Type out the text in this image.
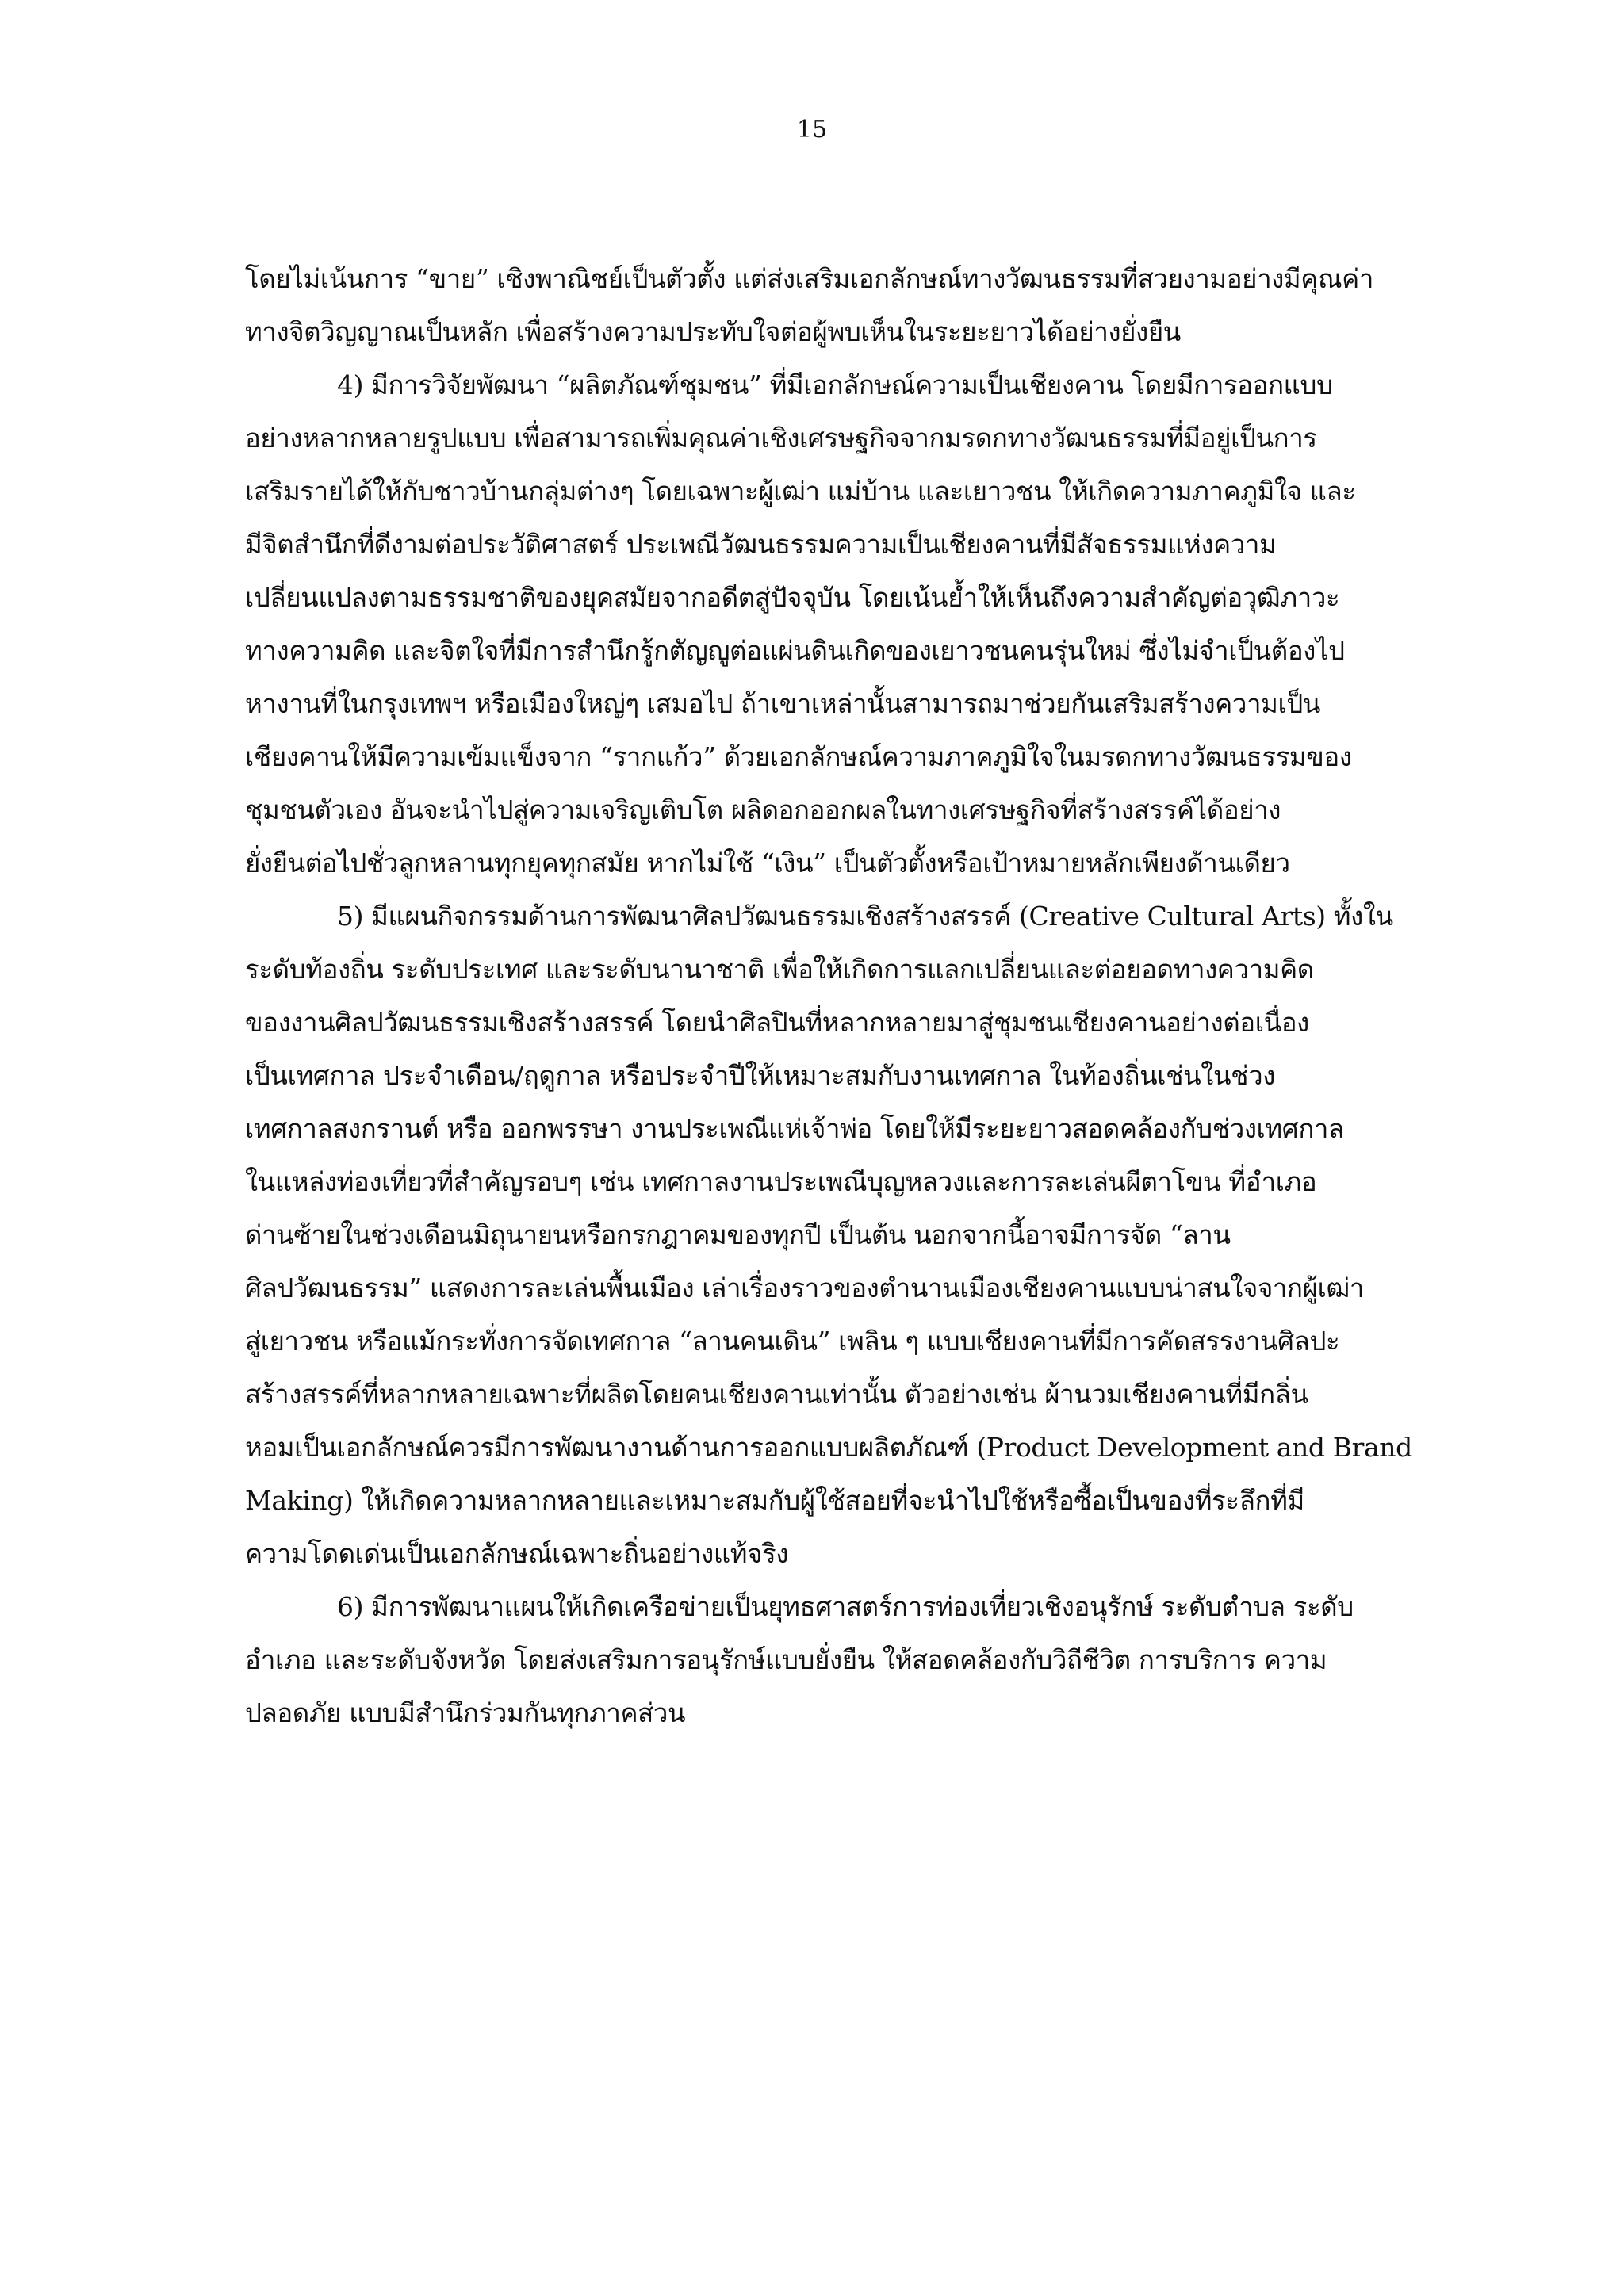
15
โดยไม่เน้นการ “ขาย” เชิงพาณิชย์เป็นตัวตั้ง แต่ส่งเสริมเอกลักษณ์ทางวัฒนธรรมที่สวยงามอย่างมีคุณค่า
ทางจิตวิญญาณเป็นหลัก เพื่อสร้างความประทับใจต่อผู้พบเห็นในระยะยาวได้อย่างยั่งยืน
4) มีการวิจัยพัฒนา “ผลิตภัณฑ์ชุมชน” ที่มีเอกลักษณ์ความเป็นเชียงคาน โดยมีการออกแบบ
อย่างหลากหลายรูปแบบ เพื่อสามารถเพิ่มคุณค่าเชิงเศรษฐกิจจากมรดกทางวัฒนธรรมที่มีอยู่เป็นการ
เสริมรายได้ให้กับชาวบ้านกลุ่มต่างๆ โดยเฉพาะผู้เฒ่า แม่บ้าน และเยาวชน ให้เกิดความภาคภูมิใจ และ
มีจิตสำนึกที่ดีงามต่อประวัติศาสตร์ ประเพณีวัฒนธรรมความเป็นเชียงคานที่มีสัจธรรมแห่งความ
เปลี่ยนแปลงตามธรรมชาติของยุคสมัยจากอดีตสู่ปัจจุบัน โดยเน้นย้ำให้เห็นถึงความสำคัญต่อวุฒิภาวะ
ทางความคิด และจิตใจที่มีการสำนึกรู้กตัญญูต่อแผ่นดินเกิดของเยาวชนคนรุ่นใหม่ ซึ่งไม่จำเป็นต้องไป
หางานที่ในกรุงเทพฯ หรือเมืองใหญ่ๆ เสมอไป ถ้าเขาเหล่านั้นสามารถมาช่วยกันเสริมสร้างความเป็น
เชียงคานให้มีความเข้มแข็งจาก “รากแก้ว” ด้วยเอกลักษณ์ความภาคภูมิใจในมรดกทางวัฒนธรรมของ
ชุมชนตัวเอง อันจะนำไปสู่ความเจริญเติบโต ผลิดอกออกผลในทางเศรษฐกิจที่สร้างสรรค์ได้อย่าง
ยั่งยืนต่อไปชั่วลูกหลานทุกยุคทุกสมัย หากไม่ใช้ “เงิน” เป็นตัวตั้งหรือเป้าหมายหลักเพียงด้านเดียว
5) มีแผนกิจกรรมด้านการพัฒนาศิลปวัฒนธรรมเชิงสร้างสรรค์ (Creative Cultural Arts) ทั้งใน
ระดับท้องถิ่น ระดับประเทศ และระดับนานาชาติ เพื่อให้เกิดการแลกเปลี่ยนและต่อยอดทางความคิด
ของงานศิลปวัฒนธรรมเชิงสร้างสรรค์ โดยนำศิลปินที่หลากหลายมาสู่ชุมชนเชียงคานอย่างต่อเนื่อง
เป็นเทศกาล ประจำเดือน/ฤดูกาล หรือประจำปีให้เหมาะสมกับงานเทศกาล ในท้องถิ่นเช่นในช่วง
เทศกาลสงกรานต์ หรือ ออกพรรษา งานประเพณีแห่เจ้าพ่อ โดยให้มีระยะยาวสอดคล้องกับช่วงเทศกาล
ในแหล่งท่องเที่ยวที่สำคัญรอบๆ เช่น เทศกาลงานประเพณีบุญหลวงและการละเล่นผีตาโขน ที่อำเภอ
ด่านซ้ายในช่วงเดือนมิถุนายนหรือกรกฎาคมของทุกปี เป็นต้น นอกจากนี้อาจมีการจัด “ลาน
ศิลปวัฒนธรรม” แสดงการละเล่นพื้นเมือง เล่าเรื่องราวของตำนานเมืองเชียงคานแบบน่าสนใจจากผู้เฒ่า
สู่เยาวชน หรือแม้กระทั่งการจัดเทศกาล “ลานคนเดิน” เพลิน ๆ แบบเชียงคานที่มีการคัดสรรงานศิลปะ
สร้างสรรค์ที่หลากหลายเฉพาะที่ผลิตโดยคนเชียงคานเท่านั้น ตัวอย่างเช่น ผ้านวมเชียงคานที่มีกลิ่น
หอมเป็นเอกลักษณ์ควรมีการพัฒนางานด้านการออกแบบผลิตภัณฑ์ (Product Development and Brand
Making) ให้เกิดความหลากหลายและเหมาะสมกับผู้ใช้สอยที่จะนำไปใช้หรือซื้อเป็นของที่ระลึกที่มี
ความโดดเด่นเป็นเอกลักษณ์เฉพาะถิ่นอย่างแท้จริง
6) มีการพัฒนาแผนให้เกิดเครือข่ายเป็นยุทธศาสตร์การท่องเที่ยวเชิงอนุรักษ์ ระดับตำบล ระดับ
อำเภอ และระดับจังหวัด โดยส่งเสริมการอนุรักษ์แบบยั่งยืน ให้สอดคล้องกับวิถีชีวิต การบริการ ความ
ปลอดภัย แบบมีสำนึกร่วมกันทุกภาคส่วน
